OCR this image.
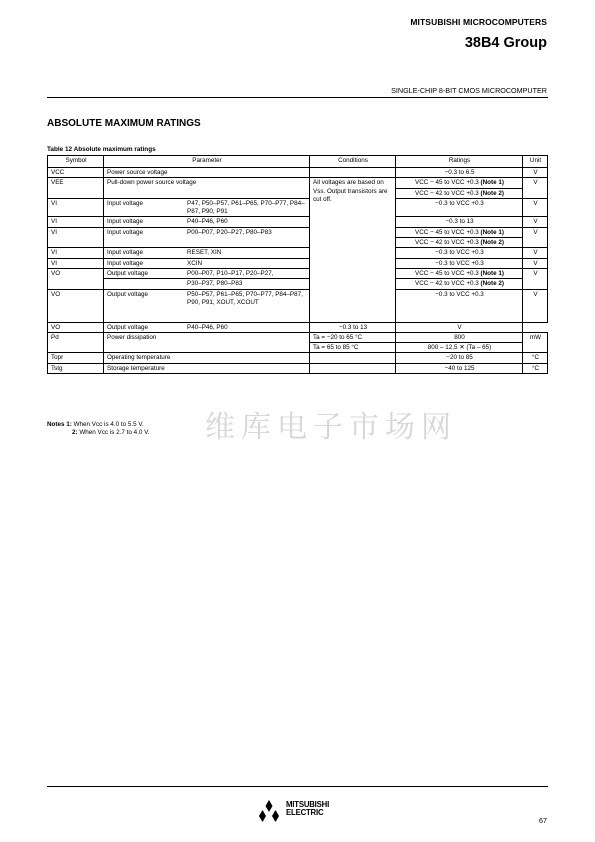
MITSUBISHI MICROCOMPUTERS
38B4 Group
SINGLE-CHIP 8-BIT CMOS MICROCOMPUTER
ABSOLUTE MAXIMUM RATINGS
Table 12 Absolute maximum ratings
Symbol	Parameter	Conditions	Ratings	Unit
VCC	Power source voltage		−0.3 to 6.5	V
VEE	Pull-down power source voltage	All voltages are based on Vss. Output transistors are cut off.	VCC − 45 to VCC +0.3 (Note 1)	V
			VCC − 42 to VCC +0.3 (Note 2)	
VI	Input voltage P47, P50–P57, P61–P65, P70–P77, P84–P87, P90, P91		−0.3 to VCC +0.3	V
VI	Input voltage P40–P46, P60		−0.3 to 13	V
VI	Input voltage P00–P07, P20–P27, P80–P83		VCC − 45 to VCC +0.3 (Note 1)	V
			VCC − 42 to VCC +0.3 (Note 2)	
VI	Input voltage RESET, XIN		−0.3 to VCC +0.3	V
VI	Input voltage XCIN		−0.3 to VCC +0.3	V
VO	Output voltage P00–P07, P10–P17, P20–P27,		VCC − 45 to VCC +0.3 (Note 1)	V

	P30–P37, P80–P83		VCC − 42 to VCC +0.3 (Note 2)	
VO	Output voltage P50–P57, P61–P65, P70–P77, P84–P87, P90, P91, XOUT, XCOUT		−0.3 to VCC +0.3	V
VO	Output voltage P40–P46, P60	−0.3 to 13	V	
Pd	Power dissipation	Ta = −20 to 65 °C	800	mW
		Ta = 65 to 85 °C	800 – 12.5 ✕ (Ta – 65)	
Topr	Operating temperature		−20 to 85	°C
Tstg	Storage temperature		−40 to 125	°C
维库电子市场网
Notes 1: When Vcc is 4.0 to 5.5 V.
2: When Vcc is 2.7 to 4.0 V.
MITSUBISHI
ELECTRIC
67
